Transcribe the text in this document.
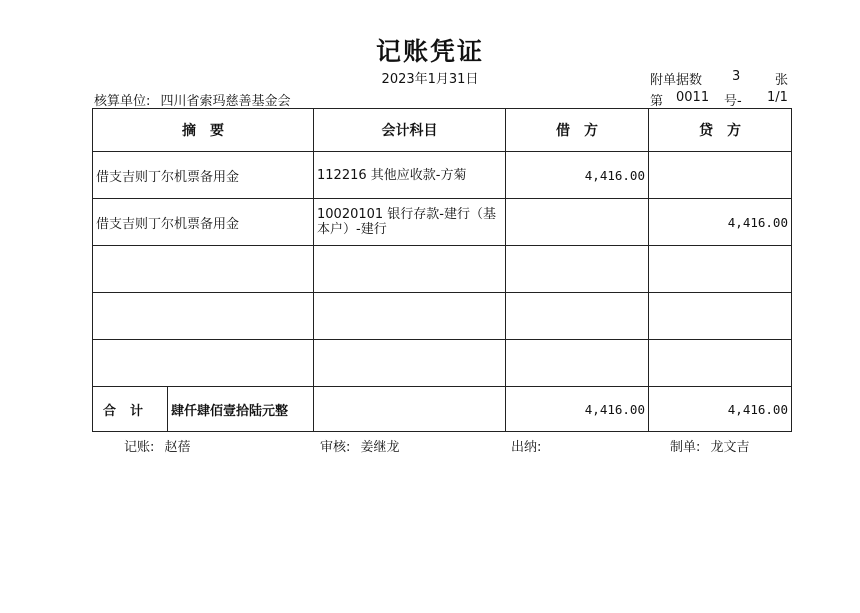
记账凭证
2023年1月31日	附单据数 3	张
核算单位: 四川省索玛慈善基金会	第 0011 号- 1/1
摘　要	会计科目	借　方	贷　方
借支吉则丁尔机票备用金	112216 其他应收款-方菊	4,416.00	
借支吉则丁尔机票备用金	10020101 银行存款-建行（基本户）-建行		4,416.00

合计 肆仟肆佰壹拾陆元整		4,416.00	4,416.00
记账: 赵蓓	审核: 姜继龙	出纳:	制单: 龙文吉
